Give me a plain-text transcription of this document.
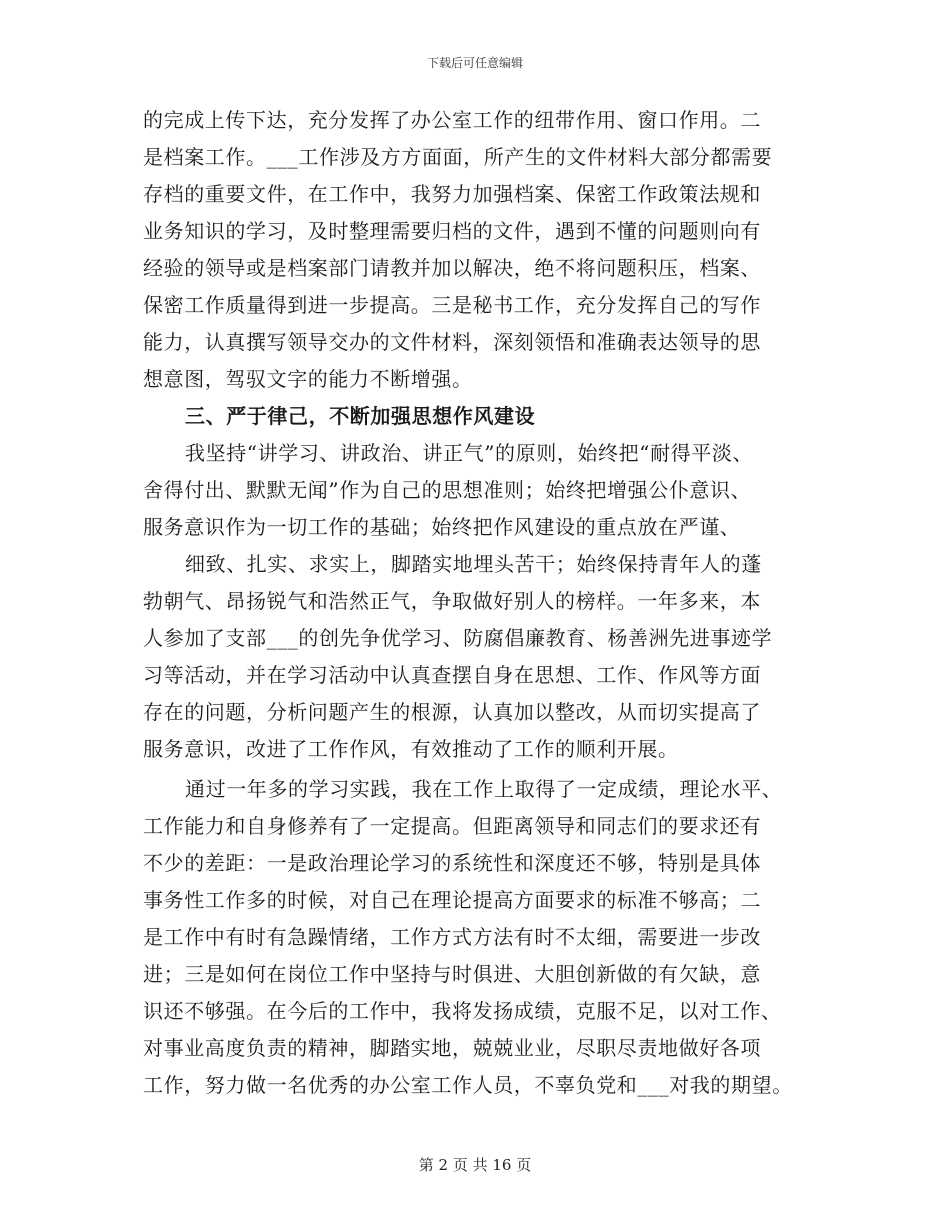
下载后可任意编辑
的完成上传下达，充分发挥了办公室工作的纽带作用、窗口作用。二
是档案工作。___工作涉及方方面面，所产生的文件材料大部分都需要
存档的重要文件，在工作中，我努力加强档案、保密工作政策法规和
业务知识的学习，及时整理需要归档的文件，遇到不懂的问题则向有
经验的领导或是档案部门请教并加以解决，绝不将问题积压，档案、
保密工作质量得到进一步提高。三是秘书工作，充分发挥自己的写作
能力，认真撰写领导交办的文件材料，深刻领悟和准确表达领导的思
想意图，驾驭文字的能力不断增强。
三、严于律己，不断加强思想作风建设
我坚持“讲学习、讲政治、讲正气”的原则，始终把“耐得平淡、
舍得付出、默默无闻”作为自己的思想准则；始终把增强公仆意识、
服务意识作为一切工作的基础；始终把作风建设的重点放在严谨、
细致、扎实、求实上，脚踏实地埋头苦干；始终保持青年人的蓬
勃朝气、昂扬锐气和浩然正气，争取做好别人的榜样。一年多来，本
人参加了支部___的创先争优学习、防腐倡廉教育、杨善洲先进事迹学
习等活动，并在学习活动中认真查摆自身在思想、工作、作风等方面
存在的问题，分析问题产生的根源，认真加以整改，从而切实提高了
服务意识，改进了工作作风，有效推动了工作的顺利开展。
通过一年多的学习实践，我在工作上取得了一定成绩，理论水平、
工作能力和自身修养有了一定提高。但距离领导和同志们的要求还有
不少的差距：一是政治理论学习的系统性和深度还不够，特别是具体
事务性工作多的时候，对自己在理论提高方面要求的标准不够高；二
是工作中有时有急躁情绪，工作方式方法有时不太细，需要进一步改
进；三是如何在岗位工作中坚持与时俱进、大胆创新做的有欠缺，意
识还不够强。在今后的工作中，我将发扬成绩，克服不足，以对工作、
对事业高度负责的精神，脚踏实地，兢兢业业，尽职尽责地做好各项
工作，努力做一名优秀的办公室工作人员，不辜负党和___对我的期望。
第 2 页 共 16 页
